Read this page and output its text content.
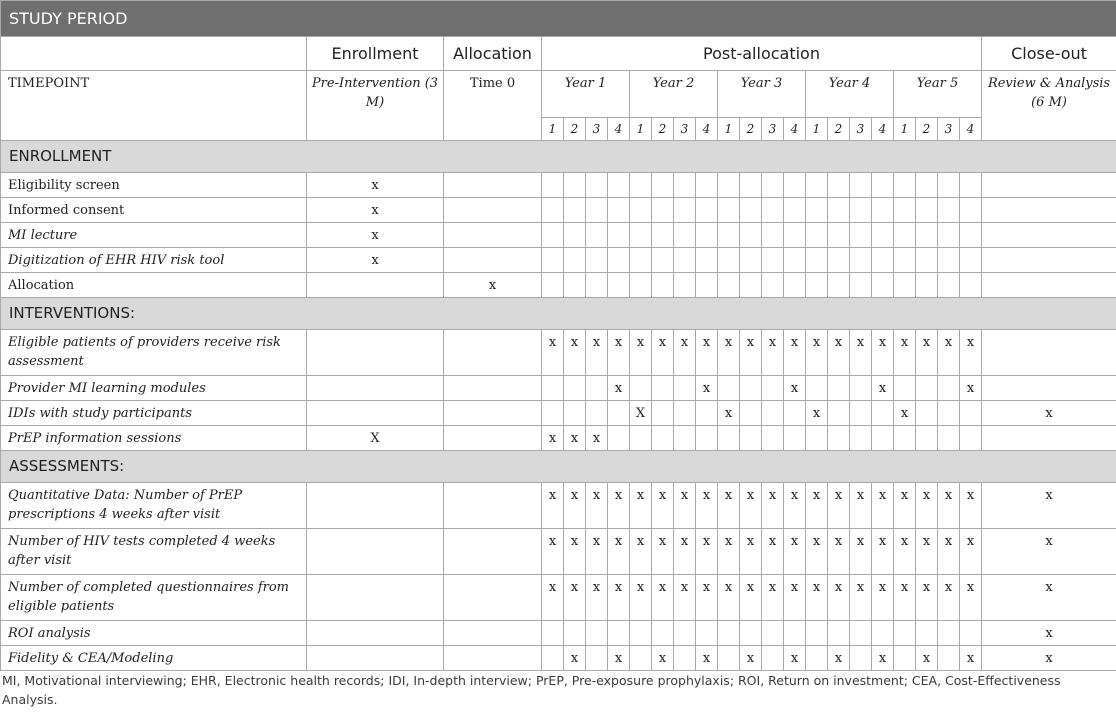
STUDY PERIOD																							
	Enrollment	Allocation	Post-allocation																				Close-out
TIMEPOINT	Pre-Intervention (3 M)	Time 0	Year 1				Year 2				Year 3				Year 4				Year 5				Review & Analysis (6 M)
			1	2	3	4	1	2	3	4	1	2	3	4	1	2	3	4	1	2	3	4	
ENROLLMENT																							
Eligibility screen	x																						
Informed consent	x																						
MI lecture	x																						
Digitization of EHR HIV risk tool	x																						
Allocation		x																					
INTERVENTIONS:																							
Eligible patients of providers receive risk assessment			x	x	x	x	x	x	x	x	x	x	x	x	x	x	x	x	x	x	x	x	
Provider MI learning modules						x				x				x				x				x	
IDIs with study participants							X				x				x				x				x
PrEP information sessions	X		x	x	x																		
ASSESSMENTS:																							
Quantitative Data: Number of PrEP prescriptions 4 weeks after visit			x	x	x	x	x	x	x	x	x	x	x	x	x	x	x	x	x	x	x	x	x
Number of HIV tests completed 4 weeks after visit			x	x	x	x	x	x	x	x	x	x	x	x	x	x	x	x	x	x	x	x	x
Number of completed questionnaires from eligible patients			x	x	x	x	x	x	x	x	x	x	x	x	x	x	x	x	x	x	x	x	x
ROI analysis																							x
Fidelity & CEA/Modeling				x		x		x		x		x		x		x		x		x		x	x

MI, Motivational interviewing; EHR, Electronic health records; IDI, In-depth interview; PrEP, Pre-exposure prophylaxis; ROI, Return on investment; CEA, Cost-Effectiveness Analysis.
